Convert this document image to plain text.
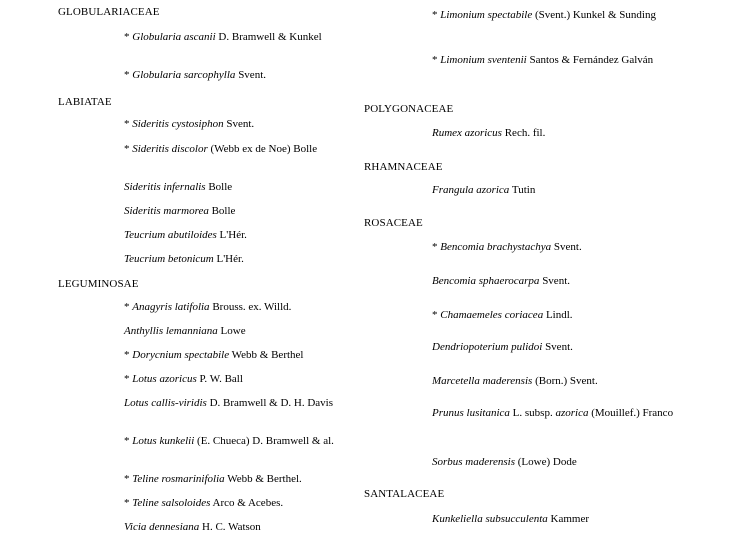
GLOBULARIACEAE
* Globularia ascanii D. Bramwell & Kunkel
* Globularia sarcophylla Svent.
LABIATAE
* Sideritis cystosiphon Svent.
* Sideritis discolor (Webb ex de Noe) Bolle
Sideritis infernalis Bolle
Sideritis marmorea Bolle
Teucrium abutiloides L'Hér.
Teucrium betonicum L'Hér.
LEGUMINOSAE
* Anagyris latifolia Brouss. ex. Willd.
Anthyllis lemanniana Lowe
* Dorycnium spectabile Webb & Berthel
* Lotus azoricus P. W. Ball
Lotus callis-viridis D. Bramwell & D. H. Davis
* Lotus kunkelii (E. Chueca) D. Bramwell & al.
* Teline rosmarinifolia Webb & Berthel.
* Teline salsoloides Arco & Acebes.
Vicia dennesiana H. C. Watson
* Limonium spectabile (Svent.) Kunkel & Sunding
* Limonium sventenii Santos & Fernández Galván
POLYGONACEAE
Rumex azoricus Rech. fil.
RHAMNACEAE
Frangula azorica Tutin
ROSACEAE
* Bencomia brachystachya Svent.
Bencomia sphaerocarpa Svent.
* Chamaemeles coriacea Lindl.
Dendriopoterium pulidoi Svent.
Marcetella maderensis (Born.) Svent.
Prunus lusitanica L. subsp. azorica (Mouillef.) Franco
Sorbus maderensis (Lowe) Dode
SANTALACEAE
Kunkeliella subsucculenta Kammer
